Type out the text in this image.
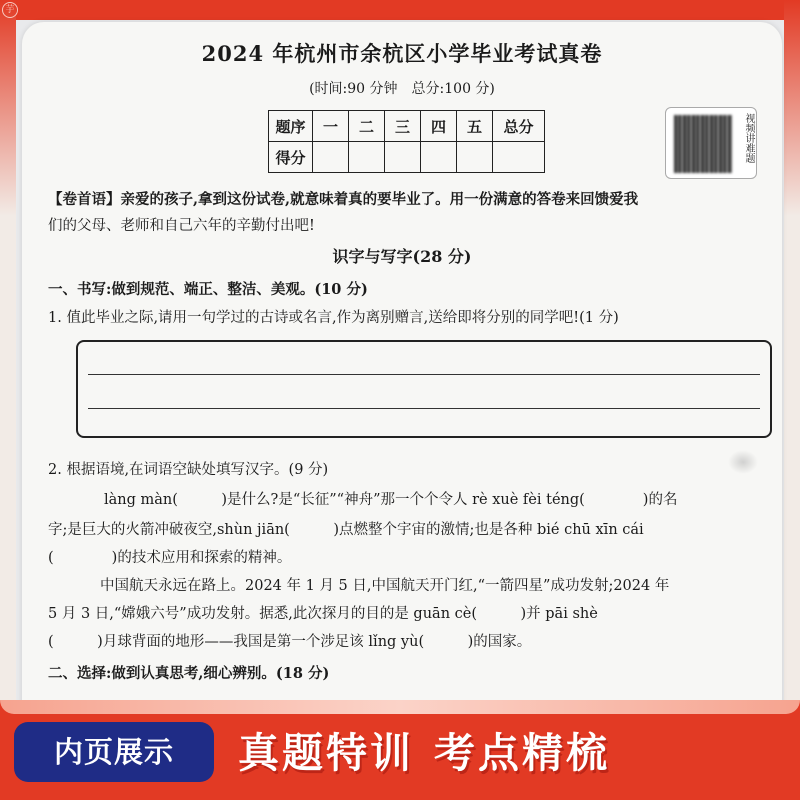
芋
2024 年杭州市余杭区小学毕业考试真卷
(时间:90 分钟　总分:100 分)
题序	一	二	三	四	五	总分
得分							视频讲难题
【卷首语】亲爱的孩子,拿到这份试卷,就意味着真的要毕业了。用一份满意的答卷来回馈爱我
们的父母、老师和自己六年的辛勤付出吧!
识字与写字(28 分)
一、书写:做到规范、端正、整洁、美观。(10 分)
1. 值此毕业之际,请用一句学过的古诗或名言,作为离别赠言,送给即将分别的同学吧!(1 分)
2. 根据语境,在词语空缺处填写汉字。(9 分)
làng màn(　　　)是什么?是“长征”“神舟”那一个个令人 rè xuè fèi téng(　　　　)的名
字;是巨大的火箭冲破夜空,shùn jiān(　　　)点燃整个宇宙的激情;也是各种 bié chū xīn cái
(　　　　)的技术应用和探索的精神。
中国航天永远在路上。2024 年 1 月 5 日,中国航天开门红,“一箭四星”成功发射;2024 年
5 月 3 日,“嫦娥六号”成功发射。据悉,此次探月的目的是 guān cè(　　　)并 pāi shè
(　　　)月球背面的地形——我国是第一个涉足该 lǐng yù(　　　)的国家。
二、选择:做到认真思考,细心辨别。(18 分)
内页展示	真题特训 考点精梳
